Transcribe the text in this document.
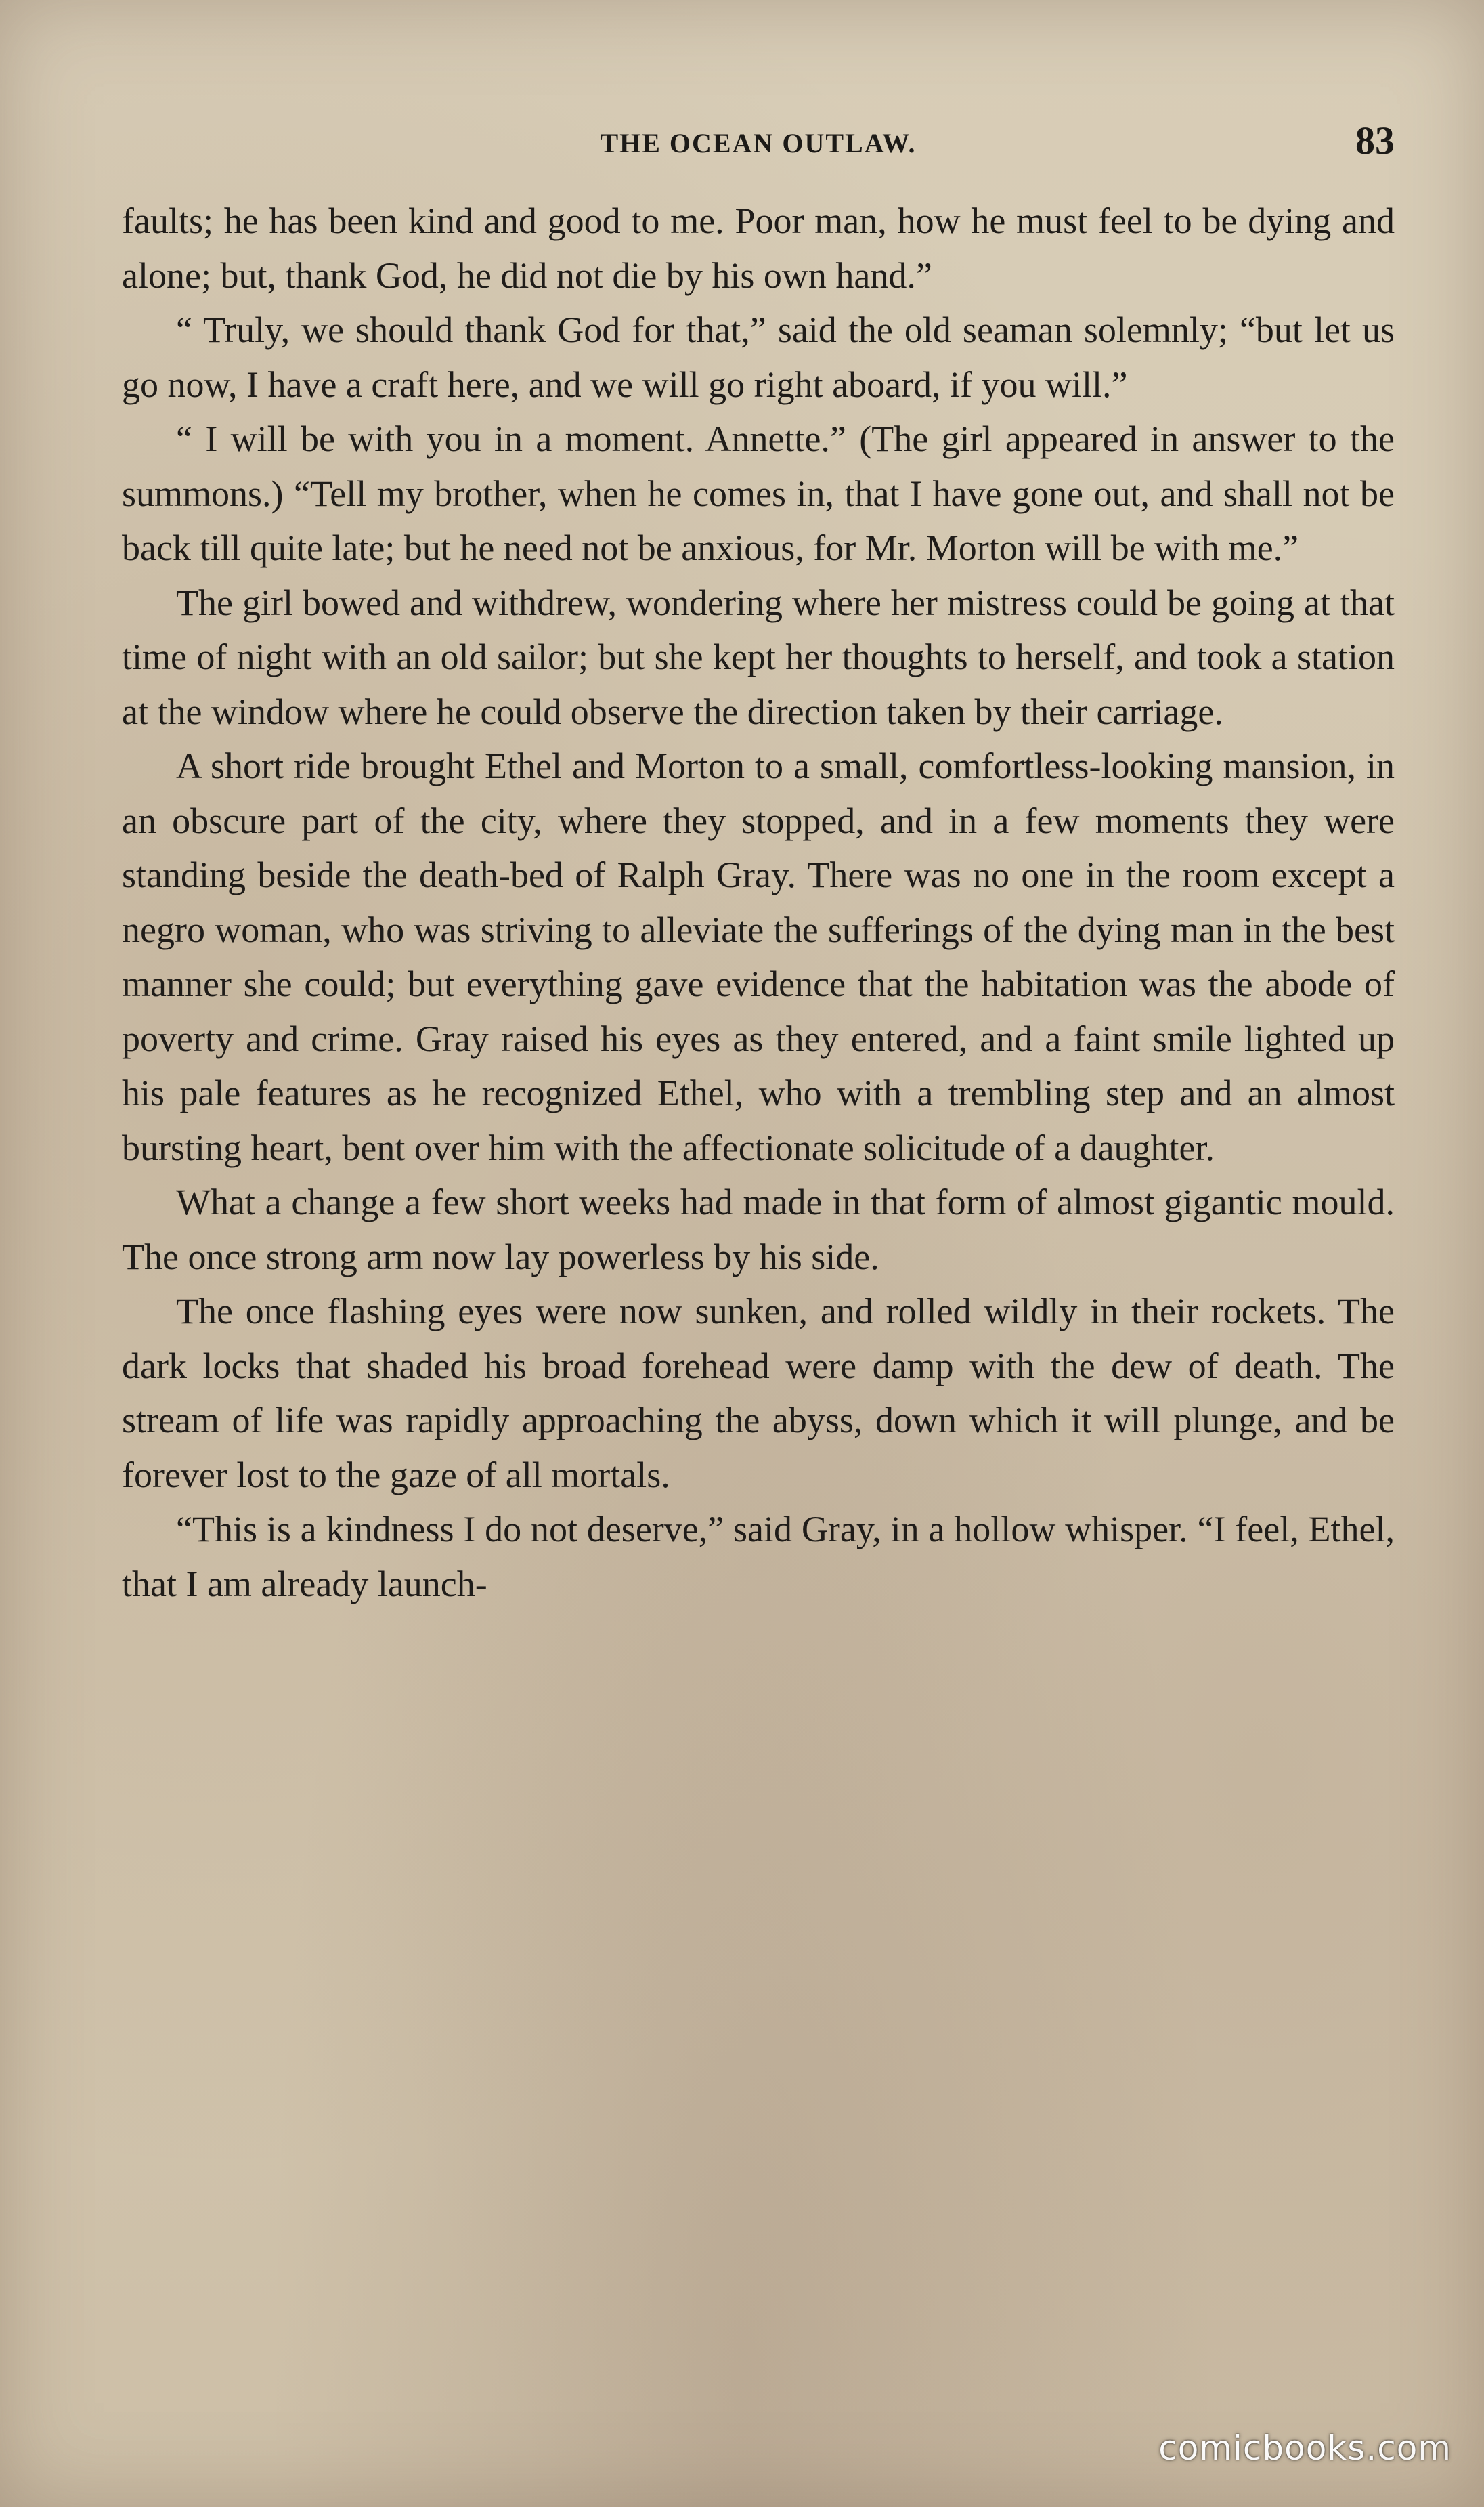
THE OCEAN OUTLAW.	83

faults; he has been kind and good to me. Poor man, how he must feel to be dying and alone; but, thank God, he did not die by his own hand.”

“ Truly, we should thank God for that,” said the old seaman solemnly; “but let us go now, I have a craft here, and we will go right aboard, if you will.”

“ I will be with you in a moment. Annette.” (The girl appeared in answer to the summons.) “Tell my brother, when he comes in, that I have gone out, and shall not be back till quite late; but he need not be anxious, for Mr. Morton will be with me.”

The girl bowed and withdrew, wondering where her mistress could be going at that time of night with an old sailor; but she kept her thoughts to herself, and took a station at the window where he could observe the direction taken by their carriage.

A short ride brought Ethel and Morton to a small, comfortless-looking mansion, in an obscure part of the city, where they stopped, and in a few moments they were standing beside the death-bed of Ralph Gray. There was no one in the room except a negro woman, who was striving to alleviate the sufferings of the dying man in the best manner she could; but everything gave evidence that the habitation was the abode of poverty and crime. Gray raised his eyes as they entered, and a faint smile lighted up his pale features as he recognized Ethel, who with a trembling step and an almost bursting heart, bent over him with the affectionate solicitude of a daughter.

What a change a few short weeks had made in that form of almost gigantic mould. The once strong arm now lay powerless by his side.

The once flashing eyes were now sunken, and rolled wildly in their rockets. The dark locks that shaded his broad forehead were damp with the dew of death. The stream of life was rapidly approaching the abyss, down which it will plunge, and be forever lost to the gaze of all mortals.

“This is a kindness I do not deserve,” said Gray, in a hollow whisper. “I feel, Ethel, that I am already launch-

comicbooks.com
